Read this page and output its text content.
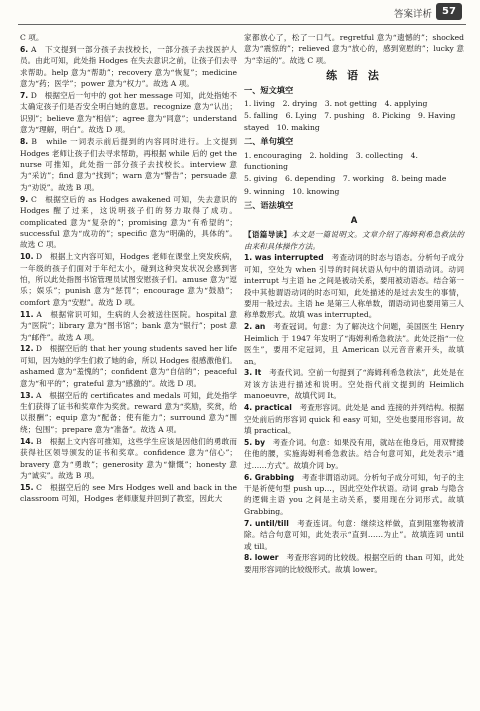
答案详析	57

C 项。

6. A　下文提到一部分孩子去找校长，一部分孩子去找医护人员。由此可知，此处指 Hodges 在失去意识之前，让孩子们去寻求帮助。help 意为“帮助”；recovery 意为“恢复”；medicine 意为“药；医学”；power 意为“权力”。故选 A 项。

7. D　根据空后一句中的 got her message 可知，此处指她不太确定孩子们是否安全明白她的意思。recognize 意为“认出；识别”；believe 意为“相信”；agree 意为“同意”；understand 意为“理解，明白”。故选 D 项。

8. B　while 一词表示前后提到的内容同时进行。上文提到 Hodges 老师让孩子们去寻求帮助，再根据 while 后的 get the nurse 可推知，此处指一部分孩子去找校长。interview 意为“采访”；find 意为“找到”；warn 意为“警告”；persuade 意为“劝说”。故选 B 项。

9. C　根据空后的 as Hodges awakened 可知，失去意识的 Hodges 醒了过来，这说明孩子们的努力取得了成功。complicated 意为“复杂的”；promising 意为“有希望的”；successful 意为“成功的”；specific 意为“明确的，具体的”。故选 C 项。

10. D　根据上文内容可知，Hodges 老师在课堂上突发疾病，一年级的孩子们面对于年纪太小，碰到这种突发状况会感到害怕，所以此处指图书馆管理员试图安慰孩子们。amuse 意为“逗乐；娱乐”；punish 意为“惩罚”；encourage 意为“鼓励”；comfort 意为“安慰”。故选 D 项。

11. A　根据常识可知，生病的人会被送往医院。hospital 意为“医院”；library 意为“图书馆”；bank 意为“银行”；post 意为“邮件”。故选 A 项。

12. D　根据空后的 that her young students saved her life 可知，因为她的学生们救了她的命，所以 Hodges 很感激他们。ashamed 意为“羞愧的”；confident 意为“自信的”；peaceful 意为“和平的”；grateful 意为“感激的”。故选 D 项。

13. A　根据空后的 certificates and medals 可知，此处指学生们获得了证书和奖章作为奖赏。reward 意为“奖励，奖赏，给以报酬”；equip 意为“配备；使有能力”；surround 意为“围绕；包围”；prepare 意为“准备”。故选 A 项。

14. B　根据上文内容可推知，这些学生应该是因他们的勇敢而获得社区领导颁发的证书和奖章。confidence 意为“信心”；bravery 意为“勇敢”；generosity 意为“慷慨”；honesty 意为“诚实”。故选 B 项。

15. C　根据空后的 see Mrs Hodges well and back in the classroom 可知，Hodges 老师康复并回到了教室，因此大

家都放心了，松了一口气。regretful 意为“遗憾的”；shocked 意为“震惊的”；relieved 意为“放心的，感到宽慰的”；lucky 意为“幸运的”。故选 C 项。

练 语 法
一、短文填空
1. living　2. drying　3. not getting　4. applying
5. falling　6. Lying　7. pushing　8. Picking　9. Having stayed　10. making
二、单句填空
1. encouraging　2. holding　3. collecting　4. functioning
5. giving　6. depending　7. working　8. being made
9. winning　10. knowing
三、语法填空
A

【语篇导读】本文是一篇说明文。文章介绍了海姆利希急救法的由来和具体操作方法。

1. was interrupted　 考查动词的时态与语态。分析句子成分可知，空处为 when 引导的时间状语从句中的谓语动词。动词 interrupt 与主语 he 之间是被动关系，要用被动语态。结合第一段中其他谓语动词的时态可知，此处描述的是过去发生的事情，要用一般过去。主语 he 是第三人称单数，谓语动词也要用第三人称单数形式。故填 was interrupted。

2. an　 考查冠词。句意：为了解决这个问题，美国医生 Henry Heimlich 于 1947 年发明了“海姆利希急救法”。此处泛指“一位医生”，要用不定冠词，且 American 以元音音素开头，故填 an。

3. It　 考查代词。空前一句提到了“海姆利希急救法”，此处是在对该方法进行描述和说明。空处指代前文提到的 Heimlich manoeuvre，故填代词 It。

4. practical　 考查形容词。此处是 and 连接的并列结构。根据空处前后的形容词 quick 和 easy 可知，空处也要用形容词。故填 practical。

5. by　 考查介词。句意：如果没有用，就站在他身后，用双臂搂住他的腰，实施海姆利希急救法。结合句意可知，此处表示“通过……方式”。故填介词 by。

6. Grabbing　 考查非谓语动词。分析句子成分可知，句子的主干是祈使句型 push up…，因此空处作状语。动词 grab 与隐含的逻辑主语 you 之间是主动关系，要用现在分词形式。故填 Grabbing。

7. until/till　 考查连词。句意：继续这样做，直到阻塞物被清除。结合句意可知，此处表示“直到……为止”。故填连词 until 或 till。

8. lower　 考查形容词的比较级。根据空后的 than 可知，此处要用形容词的比较级形式。故填 lower。
